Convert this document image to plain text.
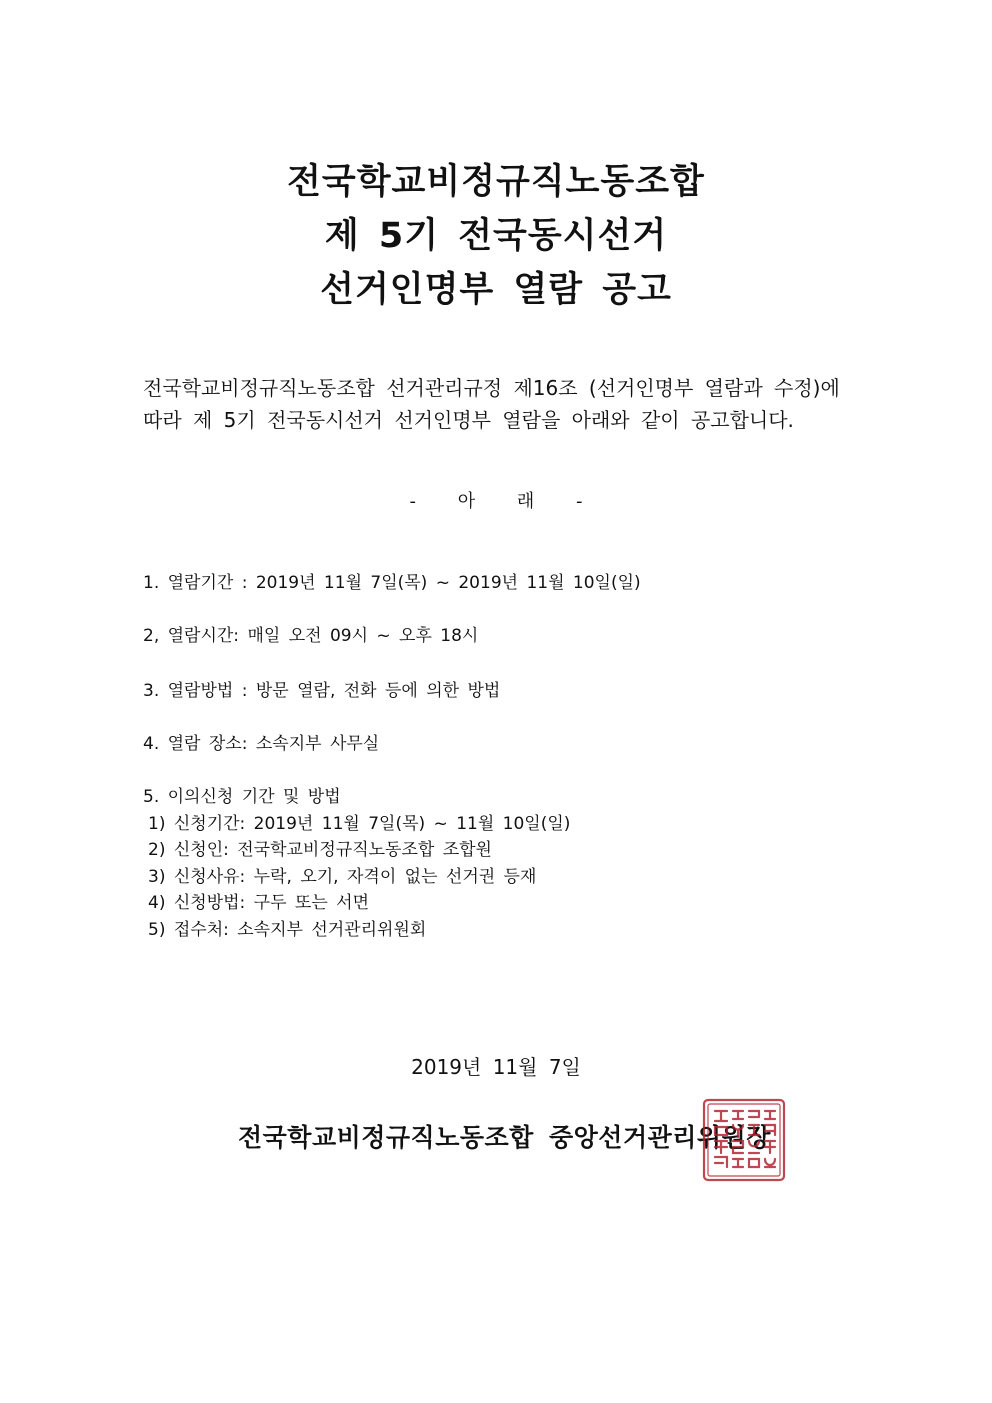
전국학교비정규직노동조합
제 5기 전국동시선거
선거인명부 열람 공고
전국학교비정규직노동조합 선거관리규정 제16조 (선거인명부 열람과 수정)에
따라 제 5기 전국동시선거 선거인명부 열람을 아래와 같이 공고합니다.
- 아 래 -
1. 열람기간 : 2019년 11월 7일(목) ~ 2019년 11월 10일(일)
2, 열람시간: 매일 오전 09시 ~ 오후 18시
3. 열람방법 : 방문 열람, 전화 등에 의한 방법
4. 열람 장소: 소속지부 사무실
5. 이의신청 기간 및 방법
1) 신청기간: 2019년 11월 7일(목) ~ 11월 10일(일)
2) 신청인: 전국학교비정규직노동조합 조합원
3) 신청사유: 누락, 오기, 자격이 없는 선거권 등재
4) 신청방법: 구두 또는 서면
5) 접수처: 소속지부 선거관리위원회
2019년 11월 7일
전국학교비정규직노동조합 중앙선거관리위원장
